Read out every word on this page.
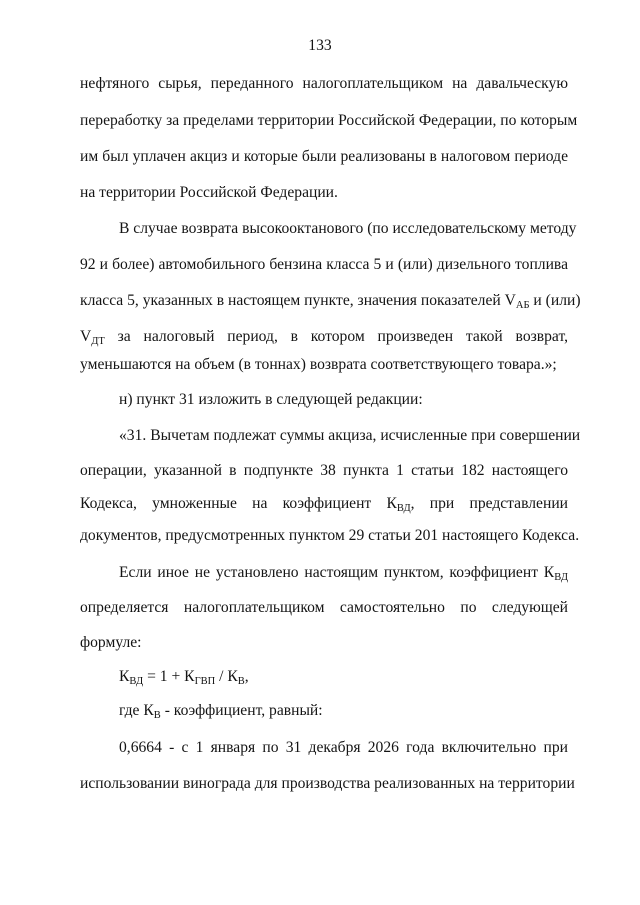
133
нефтяного сырья, переданного налогоплательщиком на давальческую
переработку за пределами территории Российской Федерации, по которым
им был уплачен акциз и которые были реализованы в налоговом периоде
на территории Российской Федерации.
В случае возврата высокооктанового (по исследовательскому методу
92 и более) автомобильного бензина класса 5 и (или) дизельного топлива
класса 5, указанных в настоящем пункте, значения показателей $V_{АБ}$ и (или)
$V_{ДТ}$ за налоговый период, в котором произведен такой возврат,
уменьшаются на объем (в тоннах) возврата соответствующего товара.»;
н) пункт 31 изложить в следующей редакции:
«31. Вычетам подлежат суммы акциза, исчисленные при совершении
операции, указанной в подпункте 38 пункта 1 статьи 182 настоящего
Кодекса, умноженные на коэффициент $К_{ВД}$, при представлении
документов, предусмотренных пунктом 29 статьи 201 настоящего Кодекса.
Если иное не установлено настоящим пунктом, коэффициент $К_{ВД}$
определяется налогоплательщиком самостоятельно по следующей
формуле:
$К_{ВД} = 1 + К_{ГВП} / К_В$,
где $К_В$ - коэффициент, равный:
0,6664 - с 1 января по 31 декабря 2026 года включительно при
использовании винограда для производства реализованных на территории
